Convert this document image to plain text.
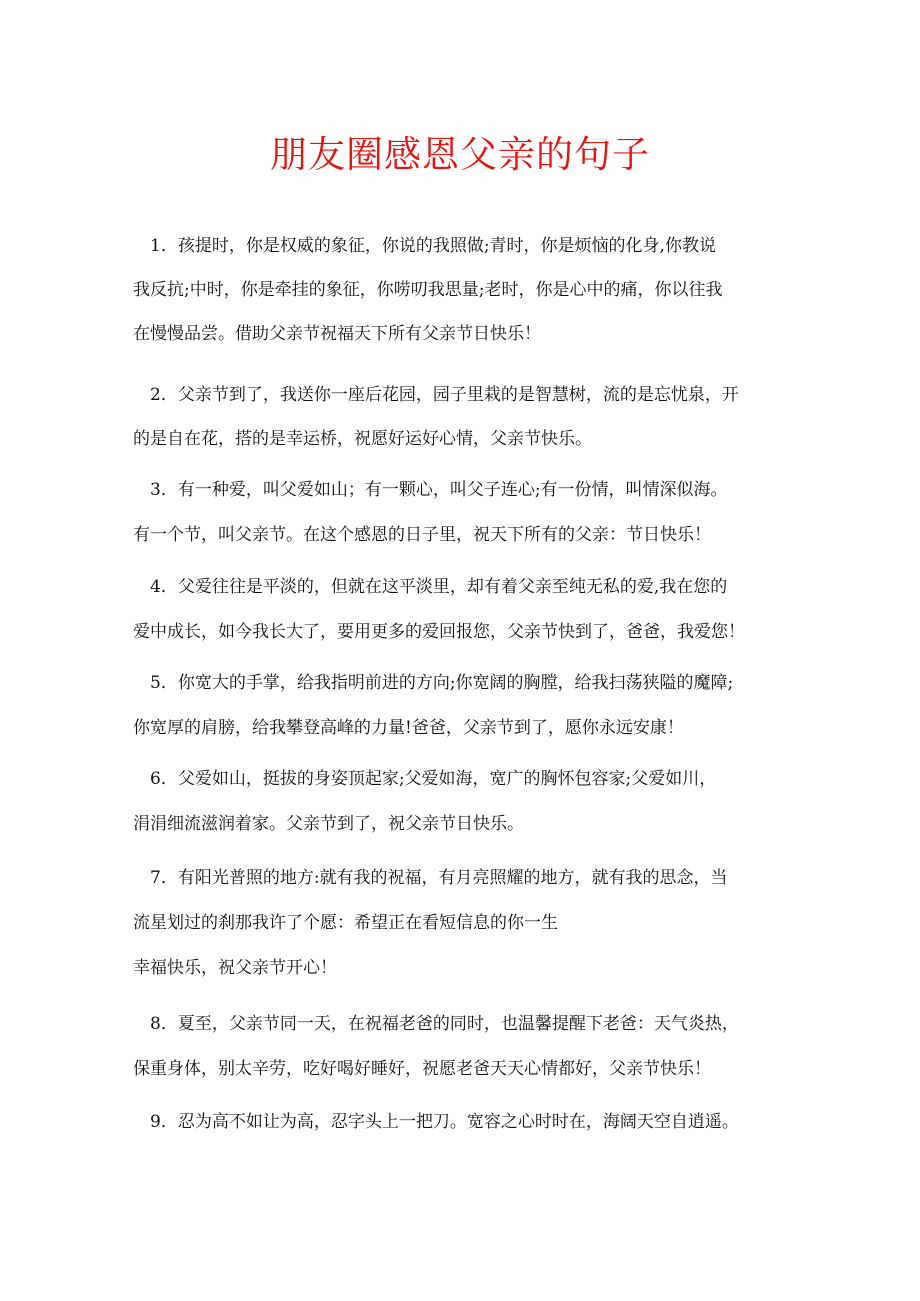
朋友圈感恩父亲的句子
　1．孩提时，你是权威的象征，你说的我照做;青时，你是烦恼的化身,你教说
我反抗;中时，你是牵挂的象征，你唠叨我思量;老时，你是心中的痛，你以往我
在慢慢品尝。借助父亲节祝福天下所有父亲节日快乐！
　2．父亲节到了，我送你一座后花园，园子里栽的是智慧树，流的是忘忧泉，开
的是自在花，搭的是幸运桥，祝愿好运好心情，父亲节快乐。
　3．有一种爱，叫父爱如山；有一颗心，叫父子连心;有一份情，叫情深似海。
有一个节，叫父亲节。在这个感恩的日子里，祝天下所有的父亲：节日快乐！
　4．父爱往往是平淡的，但就在这平淡里，却有着父亲至纯无私的爱,我在您的
爱中成长，如今我长大了，要用更多的爱回报您，父亲节快到了，爸爸，我爱您！
　5．你宽大的手掌，给我指明前进的方向;你宽阔的胸膛，给我扫荡狭隘的魔障;
你宽厚的肩膀，给我攀登高峰的力量!爸爸，父亲节到了，愿你永远安康！
　6．父爱如山，挺拔的身姿顶起家;父爱如海，宽广的胸怀包容家;父爱如川，
涓涓细流滋润着家。父亲节到了，祝父亲节日快乐。
　7．有阳光普照的地方:就有我的祝福，有月亮照耀的地方，就有我的思念，当
流星划过的刹那我许了个愿：希望正在看短信息的你一生
幸福快乐，祝父亲节开心！
　8．夏至，父亲节同一天，在祝福老爸的同时，也温馨提醒下老爸：天气炎热，
保重身体，别太辛劳，吃好喝好睡好，祝愿老爸天天心情都好，父亲节快乐！
　9．忍为高不如让为高，忍字头上一把刀。宽容之心时时在，海阔天空自逍遥。
